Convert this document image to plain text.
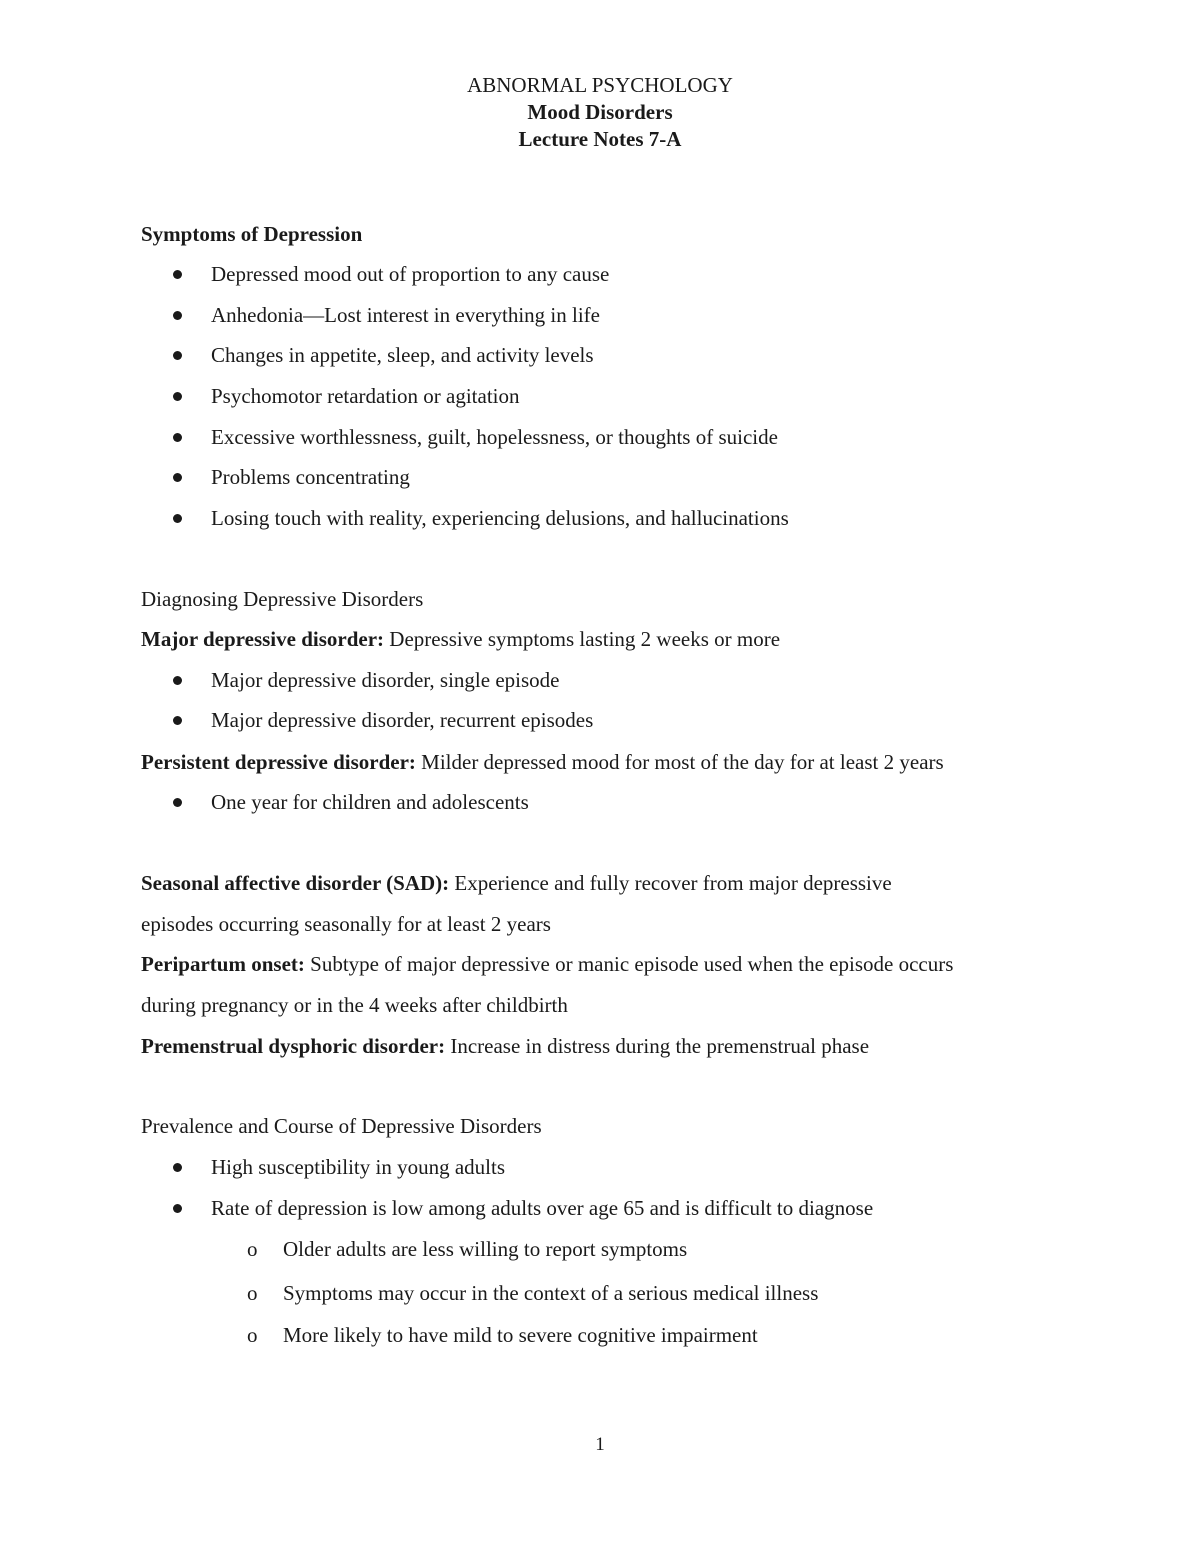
ABNORMAL PSYCHOLOGY
Mood Disorders
Lecture Notes 7-A
Symptoms of Depression
Depressed mood out of proportion to any cause
Anhedonia—Lost interest in everything in life
Changes in appetite, sleep, and activity levels
Psychomotor retardation or agitation
Excessive worthlessness, guilt, hopelessness, or thoughts of suicide
Problems concentrating
Losing touch with reality, experiencing delusions, and hallucinations
Diagnosing Depressive Disorders
Major depressive disorder: Depressive symptoms lasting 2 weeks or more
Major depressive disorder, single episode
Major depressive disorder, recurrent episodes
Persistent depressive disorder: Milder depressed mood for most of the day for at least 2 years
One year for children and adolescents
Seasonal affective disorder (SAD): Experience and fully recover from major depressive
episodes occurring seasonally for at least 2 years
Peripartum onset: Subtype of major depressive or manic episode used when the episode occurs
during pregnancy or in the 4 weeks after childbirth
Premenstrual dysphoric disorder: Increase in distress during the premenstrual phase
Prevalence and Course of Depressive Disorders
High susceptibility in young adults
Rate of depression is low among adults over age 65 and is difficult to diagnose
o Older adults are less willing to report symptoms
o Symptoms may occur in the context of a serious medical illness
o More likely to have mild to severe cognitive impairment
1
